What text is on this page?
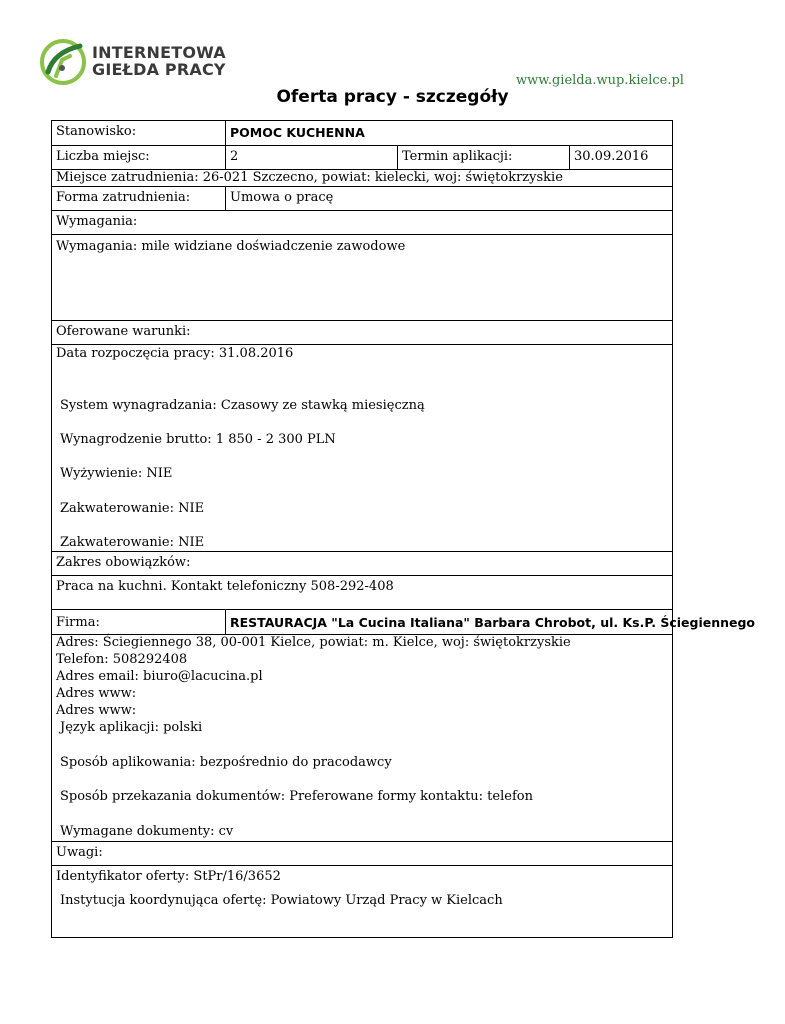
INTERNETOWA
GIEŁDA PRACY
www.gielda.wup.kielce.pl
Oferta pracy - szczegóły
Stanowisko:	POMOC KUCHENNA
Liczba miejsc:	2	Termin aplikacji:	30.09.2016
Miejsce zatrudnienia: 26-021 Szczecno, powiat: kielecki, woj: świętokrzyskie
Forma zatrudnienia:	Umowa o pracę
Wymagania:
Wymagania: mile widziane doświadczenie zawodowe
Oferowane warunki:
Data rozpoczęcia pracy: 31.08.2016
System wynagradzania: Czasowy ze stawką miesięczną
Wynagrodzenie brutto: 1 850 - 2 300 PLN
Wyżywienie: NIE
Zakwaterowanie: NIE
Zakwaterowanie: NIE
Zakres obowiązków:
Praca na kuchni. Kontakt telefoniczny 508-292-408
Firma:	RESTAURACJA "La Cucina Italiana" Barbara Chrobot, ul. Ks.P. Ściegiennego
Adres: Ściegiennego 38, 00-001 Kielce, powiat: m. Kielce, woj: świętokrzyskie
Telefon: 508292408
Adres email: biuro@lacucina.pl
Adres www:
Adres www:
Język aplikacji: polski
Sposób aplikowania: bezpośrednio do pracodawcy
Sposób przekazania dokumentów: Preferowane formy kontaktu: telefon
Wymagane dokumenty: cv
Uwagi:
Identyfikator oferty: StPr/16/3652
Instytucja koordynująca ofertę: Powiatowy Urząd Pracy w Kielcach
